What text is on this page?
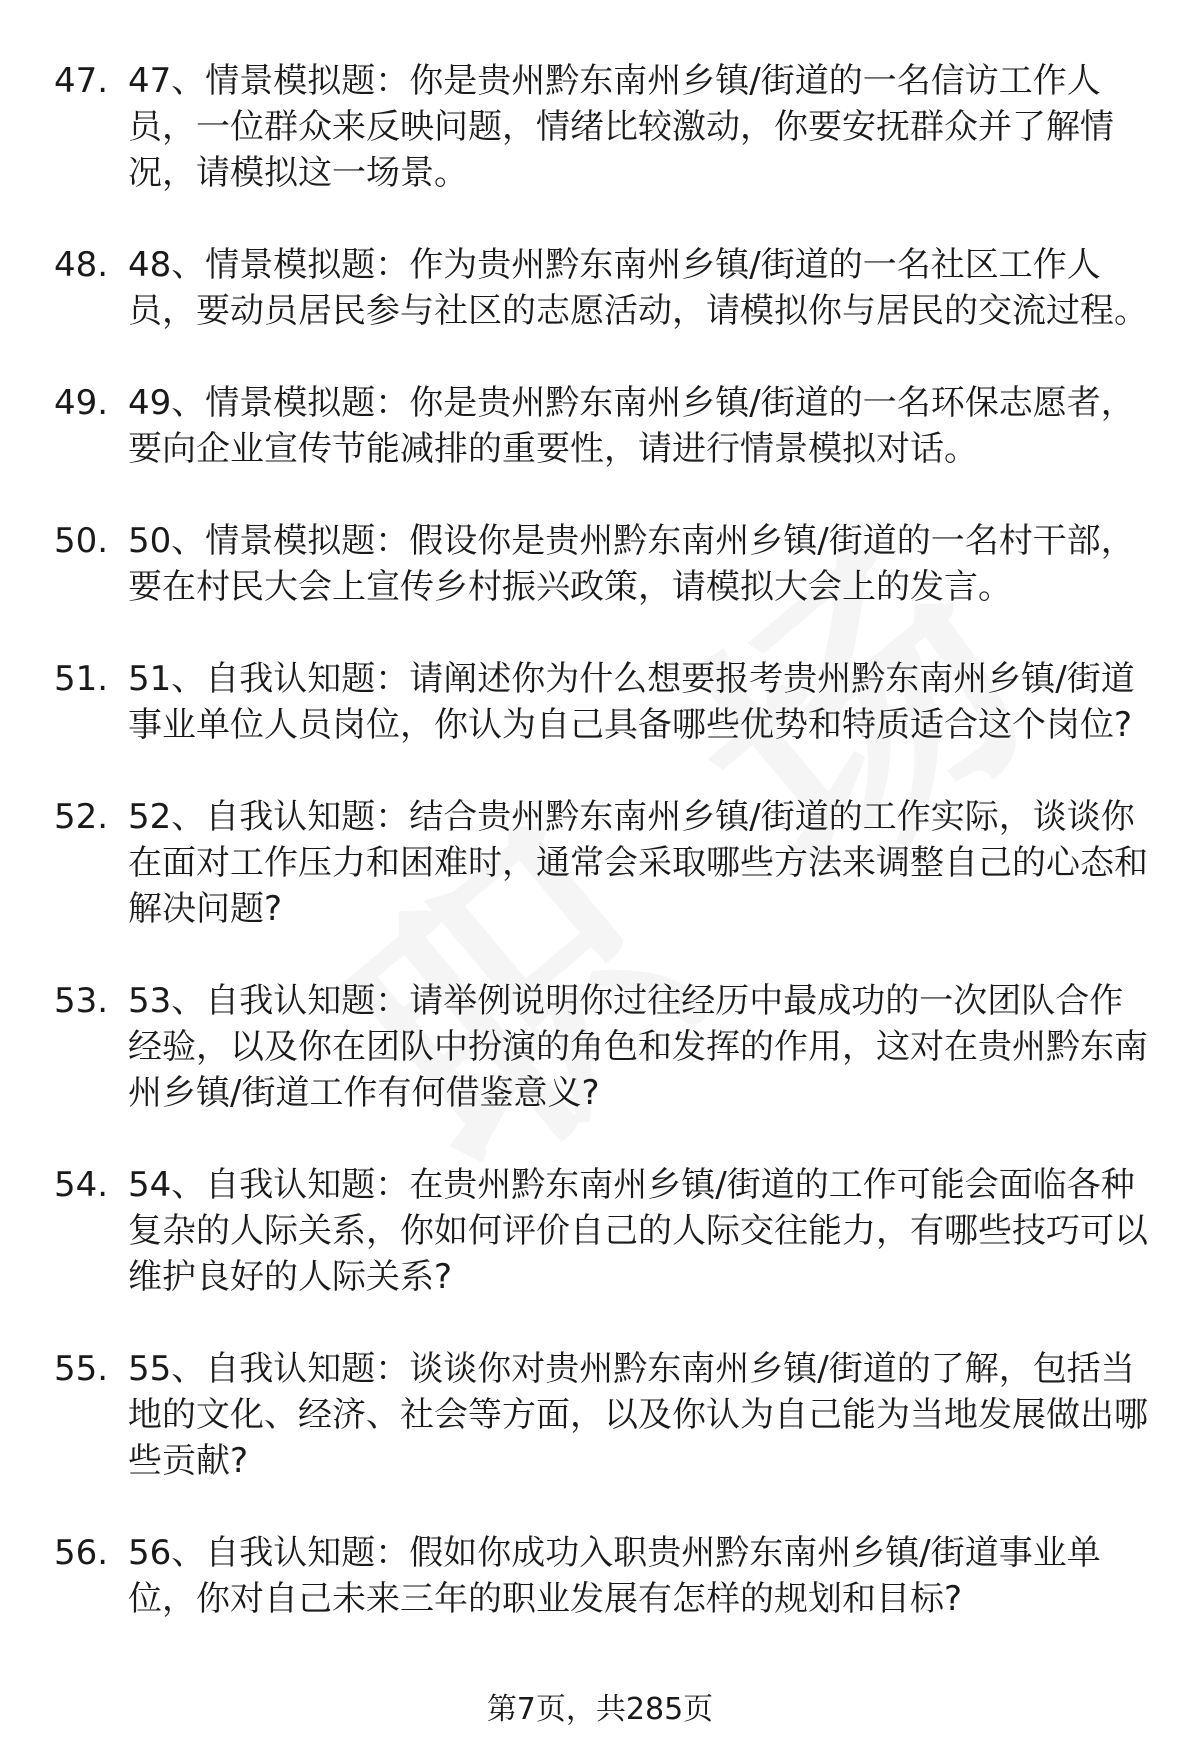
47. 47、情景模拟题：你是贵州黔东南州乡镇/街道的一名信访工作人员，一位群众来反映问题，情绪比较激动，你要安抚群众并了解情况，请模拟这一场景。
48. 48、情景模拟题：作为贵州黔东南州乡镇/街道的一名社区工作人员，要动员居民参与社区的志愿活动，请模拟你与居民的交流过程。
49. 49、情景模拟题：你是贵州黔东南州乡镇/街道的一名环保志愿者，要向企业宣传节能减排的重要性，请进行情景模拟对话。
50. 50、情景模拟题：假设你是贵州黔东南州乡镇/街道的一名村干部，要在村民大会上宣传乡村振兴政策，请模拟大会上的发言。
51. 51、自我认知题：请阐述你为什么想要报考贵州黔东南州乡镇/街道事业单位人员岗位，你认为自己具备哪些优势和特质适合这个岗位?
52. 52、自我认知题：结合贵州黔东南州乡镇/街道的工作实际，谈谈你在面对工作压力和困难时，通常会采取哪些方法来调整自己的心态和解决问题?
53. 53、自我认知题：请举例说明你过往经历中最成功的一次团队合作经验，以及你在团队中扮演的角色和发挥的作用，这对在贵州黔东南州乡镇/街道工作有何借鉴意义?
54. 54、自我认知题：在贵州黔东南州乡镇/街道的工作可能会面临各种复杂的人际关系，你如何评价自己的人际交往能力，有哪些技巧可以维护良好的人际关系?
55. 55、自我认知题：谈谈你对贵州黔东南州乡镇/街道的了解，包括当地的文化、经济、社会等方面，以及你认为自己能为当地发展做出哪些贡献?
56. 56、自我认知题：假如你成功入职贵州黔东南州乡镇/街道事业单位，你对自己未来三年的职业发展有怎样的规划和目标?
第7页，共285页
